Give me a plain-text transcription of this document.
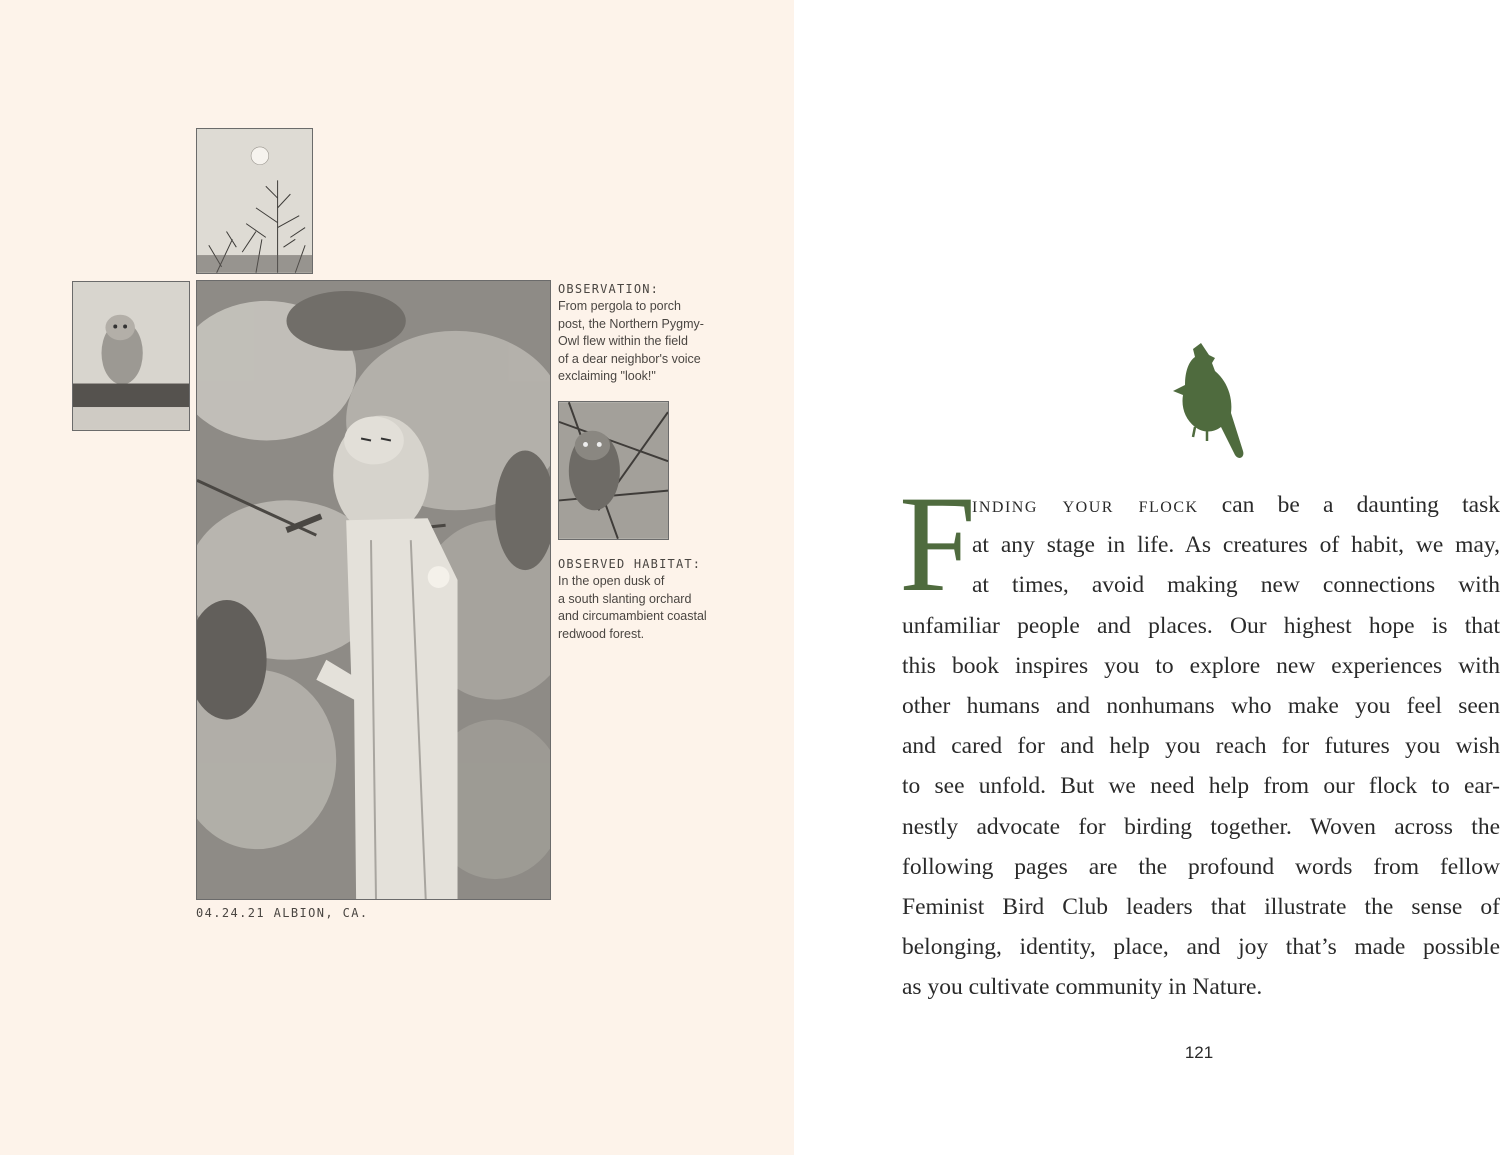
OBSERVATION:
From pergola to porch
post, the Northern Pygmy-
Owl flew within the field
of a dear neighbor's voice
exclaiming "look!"
OBSERVED HABITAT:
In the open dusk of
a south slanting orchard
and circumambient coastal
redwood forest.
04.24.21 ALBION, CA.
F
inding your flock can be a daunting task
at any stage in life. As creatures of habit, we may,
at times, avoid making new connections with
unfamiliar people and places. Our highest hope is that
this book inspires you to explore new experiences with
other humans and nonhumans who make you feel seen
and cared for and help you reach for futures you wish
to see unfold. But we need help from our flock to ear-
nestly advocate for birding together. Woven across the
following pages are the profound words from fellow
Feminist Bird Club leaders that illustrate the sense of
belonging, identity, place, and joy that’s made possible
as you cultivate community in Nature.
121
